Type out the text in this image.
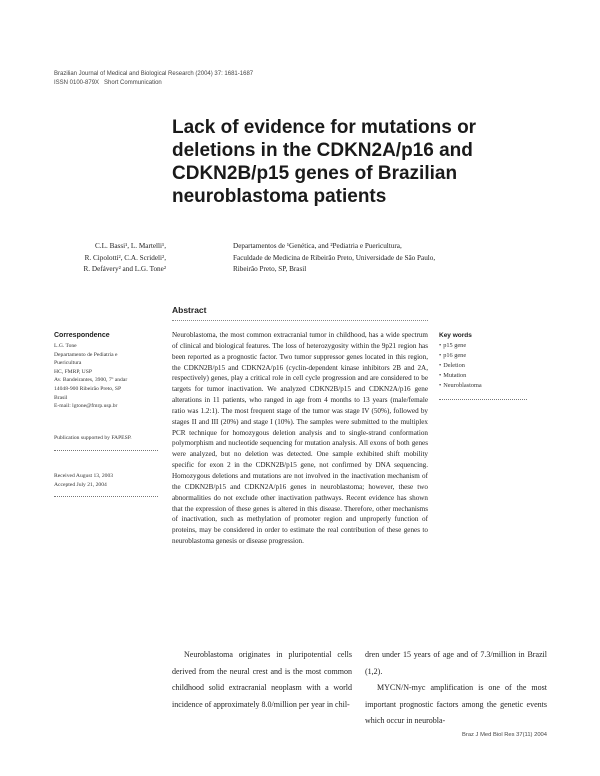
Brazilian Journal of Medical and Biological Research (2004) 37: 1681-1687
ISSN 0100-879X Short Communication
Lack of evidence for mutations or deletions in the CDKN2A/p16 and CDKN2B/p15 genes of Brazilian neuroblastoma patients
C.L. Bassi¹, L. Martelli¹,
R. Cipolotti², C.A. Scrideli²,
R. Defávery² and L.G. Tone²
Departamentos de ¹Genética, and ²Pediatria e Puericultura,
Faculdade de Medicina de Ribeirão Preto, Universidade de São Paulo,
Ribeirão Preto, SP, Brasil
Abstract
Correspondence
L.G. Tone
Departamento de Pediatria e
Puericultura
HC, FMRP, USP
Av. Bandeirantes, 3900, 7º andar
14048-900 Ribeirão Preto, SP
Brasil
E-mail: lgtone@fmrp.usp.br
Publication supported by FAPESP.
Received August 13, 2003
Accepted July 21, 2004

Neuroblastoma, the most common extracranial tumor in childhood, has a wide spectrum of clinical and biological features. The loss of heterozygosity within the 9p21 region has been reported as a prognostic factor. Two tumor suppressor genes located in this region, the CDKN2B/p15 and CDKN2A/p16 (cyclin-dependent kinase inhibitors 2B and 2A, respectively) genes, play a critical role in cell cycle progression and are considered to be targets for tumor inactivation. We analyzed CDKN2B/p15 and CDKN2A/p16 gene alterations in 11 patients, who ranged in age from 4 months to 13 years (male/female ratio was 1.2:1). The most frequent stage of the tumor was stage IV (50%), followed by stages II and III (20%) and stage I (10%). The samples were submitted to the multiplex PCR technique for homozygous deletion analysis and to single-strand conformation polymorphism and nucleotide sequencing for mutation analysis. All exons of both genes were analyzed, but no deletion was detected. One sample exhibited shift mobility specific for exon 2 in the CDKN2B/p15 gene, not confirmed by DNA sequencing. Homozygous deletions and mutations are not involved in the inactivation mechanism of the CDKN2B/p15 and CDKN2A/p16 genes in neuroblastoma; however, these two abnormalities do not exclude other inactivation pathways. Recent evidence has shown that the expression of these genes is altered in this disease. Therefore, other mechanisms of inactivation, such as methylation of promoter region and unproperly function of proteins, may be considered in order to estimate the real contribution of these genes to neuroblastoma genesis or disease progression.

Key words
• p15 gene
• p16 gene
• Deletion
• Mutation
• Neuroblastoma

Neuroblastoma originates in pluripotential cells derived from the neural crest and is the most common childhood solid extracranial neoplasm with a world incidence of approximately 8.0/million per year in chil-

dren under 15 years of age and of 7.3/million in Brazil (1,2).

MYCN/N-myc amplification is one of the most important prognostic factors among the genetic events which occur in neurobla-

Braz J Med Biol Res 37(11) 2004
